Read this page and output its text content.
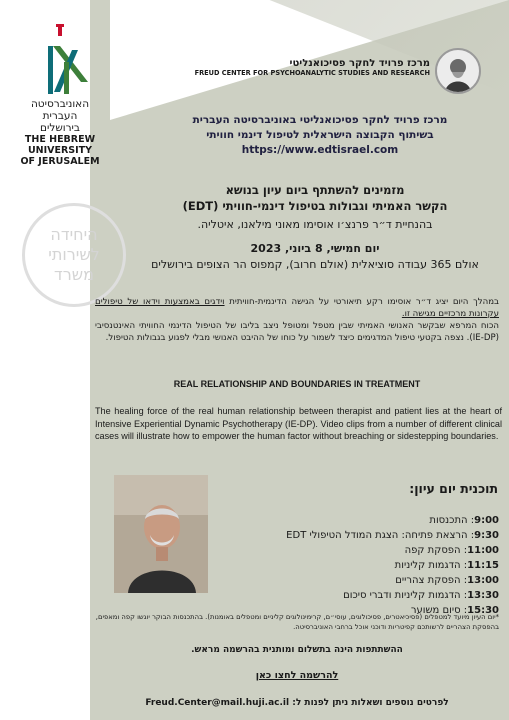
האוניברסיטה
העברית
בירושלים
THE HEBREW
UNIVERSITY
OF JERUSALEM
היחידה
לשירותי
משרד
מרכז פרויד לחקר פסיכואנליטי
FREUD CENTER FOR PSYCHOANALYTIC STUDIES AND RESEARCH
מרכז פרויד לחקר פסיכואנליטי באוניברסיטה העברית
בשיתוף הקבוצה הישראלית לטיפול דינמי חוויתי
https://www.edtisrael.com
מזמינים להשתתף ביום עיון בנושא
הקשר האמיתי וגבולות בטיפול דינמי-חוויתי (EDT)
בהנחיית ד״ר פרנצ׳ו אוסימו מאוני מילאנו, איטליה.
יום חמישי, 8 ביוני, 2023
אולם 365 עבודה סוציאלית (אולם חרוב), קמפוס הר הצופים בירושלים
במהלך היום יציג ד״ר אוסימו רקע תיאורטי על הגישה הדינמית-חוויתית וידגים באמצעות וידאו של טיפולים עקרונות מרכזיים מגישה זו.
הכוח המרפא שבקשר האנושי האמיתי שבין מטפל ומטופל ניצב בליבו של הטיפול הדינמי החוויתי האינטנסיבי (IE-DP). נצפה בקטעי טיפול המדגימים כיצד לשמור על כוחו של ההיבט האנושי מבלי לפגוע בגבולות הטיפול.
REAL RELATIONSHIP AND BOUNDARIES IN TREATMENT
The healing force of the real human relationship between therapist and patient lies at the heart of Intensive Experiential Dynamic Psychotherapy (IE-DP). Video clips from a number of different clinical cases will illustrate how to empower the human factor without breaching or sidestepping boundaries.
תוכנית יום עיון:
9:00: התכנסות
9:30: הרצאת פתיחה: הצגת המודל הטיפולי EDT
11:00: הפסקת קפה
11:15: הדגמות קליניות
13:00: הפסקת צהריים
13:30: הדגמות קליניות ודברי סיכום
15:30: סיום משוער
*יום העיון מיועד למטפלים (פסיכיאטרים, פסיכולוגים, עוסי״ם, קרימינולוגים קליניים ומטפלים באומנות). בהתכנסות הבוקר יוגשו קפה ומאפים, בהפסקת הצהריים לרשותכם קפיטריות ודוכני אוכל ברחבי האוניברסיטה.
ההשתתפות הינה בתשלום ומותנית בהרשמה מראש.
להרשמה לחצו כאן
לפרטים נוספים ושאלות ניתן לפנות ל: Freud.Center@mail.huji.ac.il
